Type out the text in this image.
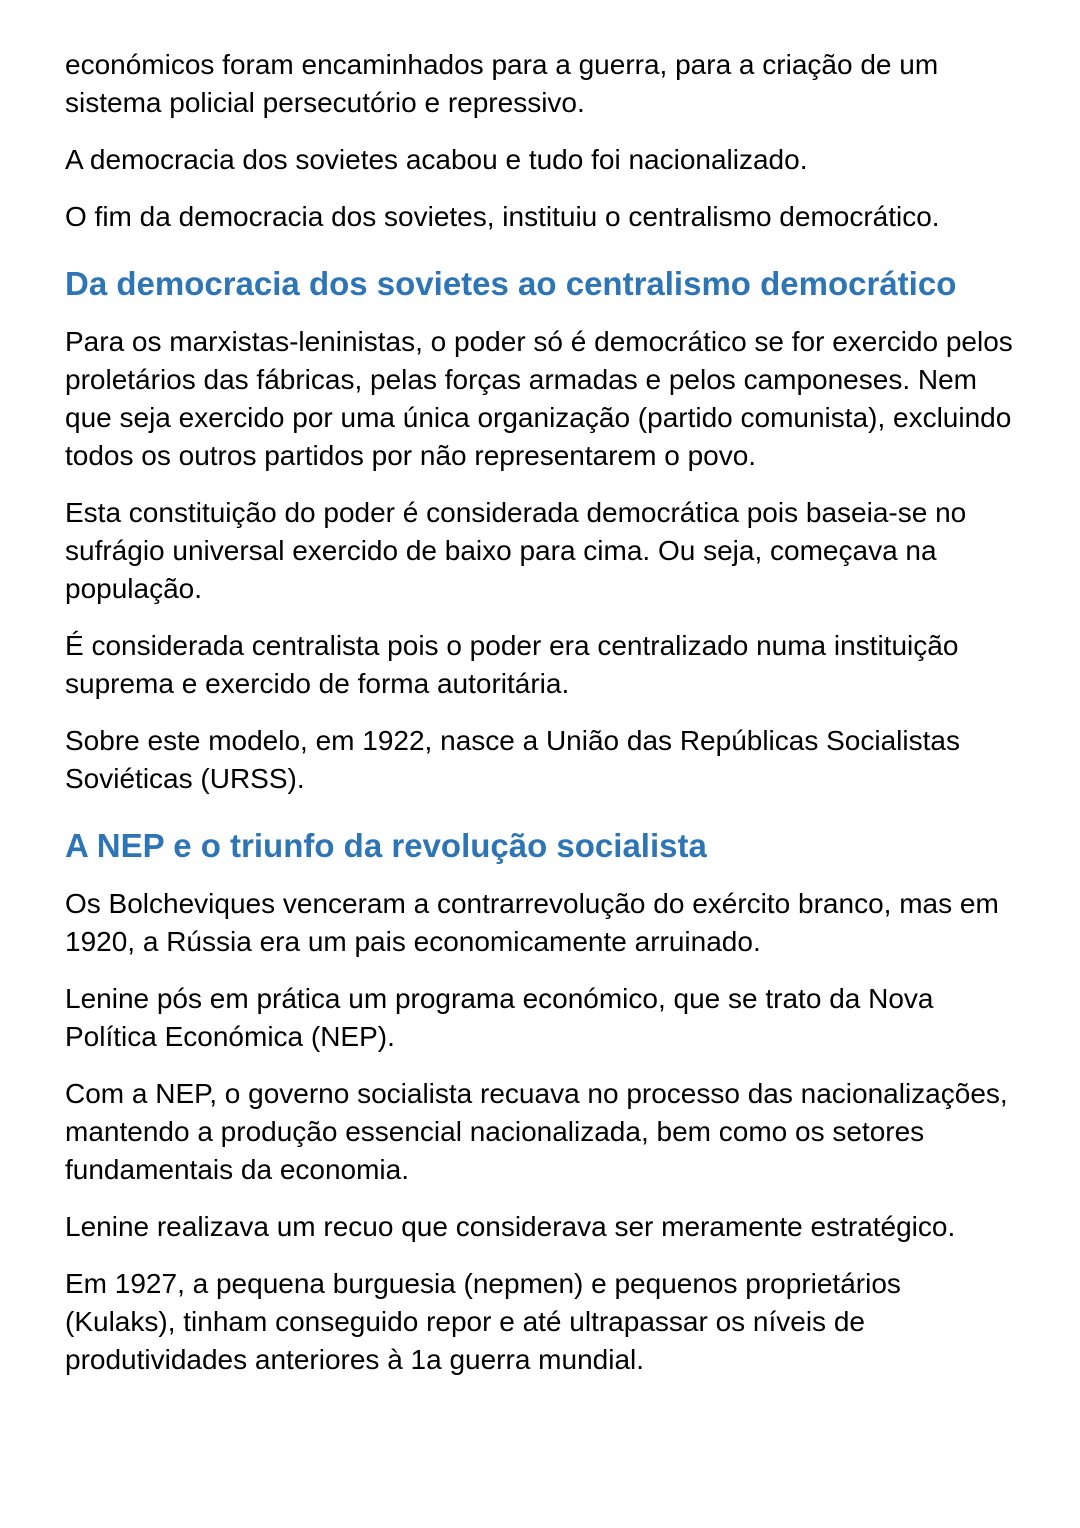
económicos foram encaminhados para a guerra, para a criação de um sistema policial persecutório e repressivo.

A democracia dos sovietes acabou e tudo foi nacionalizado.

O fim da democracia dos sovietes, instituiu o centralismo democrático.

Da democracia dos sovietes ao centralismo democrático

Para os marxistas-leninistas, o poder só é democrático se for exercido pelos proletários das fábricas, pelas forças armadas e pelos camponeses. Nem que seja exercido por uma única organização (partido comunista), excluindo todos os outros partidos por não representarem o povo.

Esta constituição do poder é considerada democrática pois baseia-se no sufrágio universal exercido de baixo para cima. Ou seja, começava na população.

É considerada centralista pois o poder era centralizado numa instituição suprema e exercido de forma autoritária.

Sobre este modelo, em 1922, nasce a União das Repúblicas Socialistas Soviéticas (URSS).

A NEP e o triunfo da revolução socialista

Os Bolcheviques venceram a contrarrevolução do exército branco, mas em 1920, a Rússia era um pais economicamente arruinado.

Lenine pós em prática um programa económico, que se trato da Nova Política Económica (NEP).

Com a NEP, o governo socialista recuava no processo das nacionalizações, mantendo a produção essencial nacionalizada, bem como os setores fundamentais da economia.

Lenine realizava um recuo que considerava ser meramente estratégico.

Em 1927, a pequena burguesia (nepmen) e pequenos proprietários (Kulaks), tinham conseguido repor e até ultrapassar os níveis de produtividades anteriores à 1a guerra mundial.
